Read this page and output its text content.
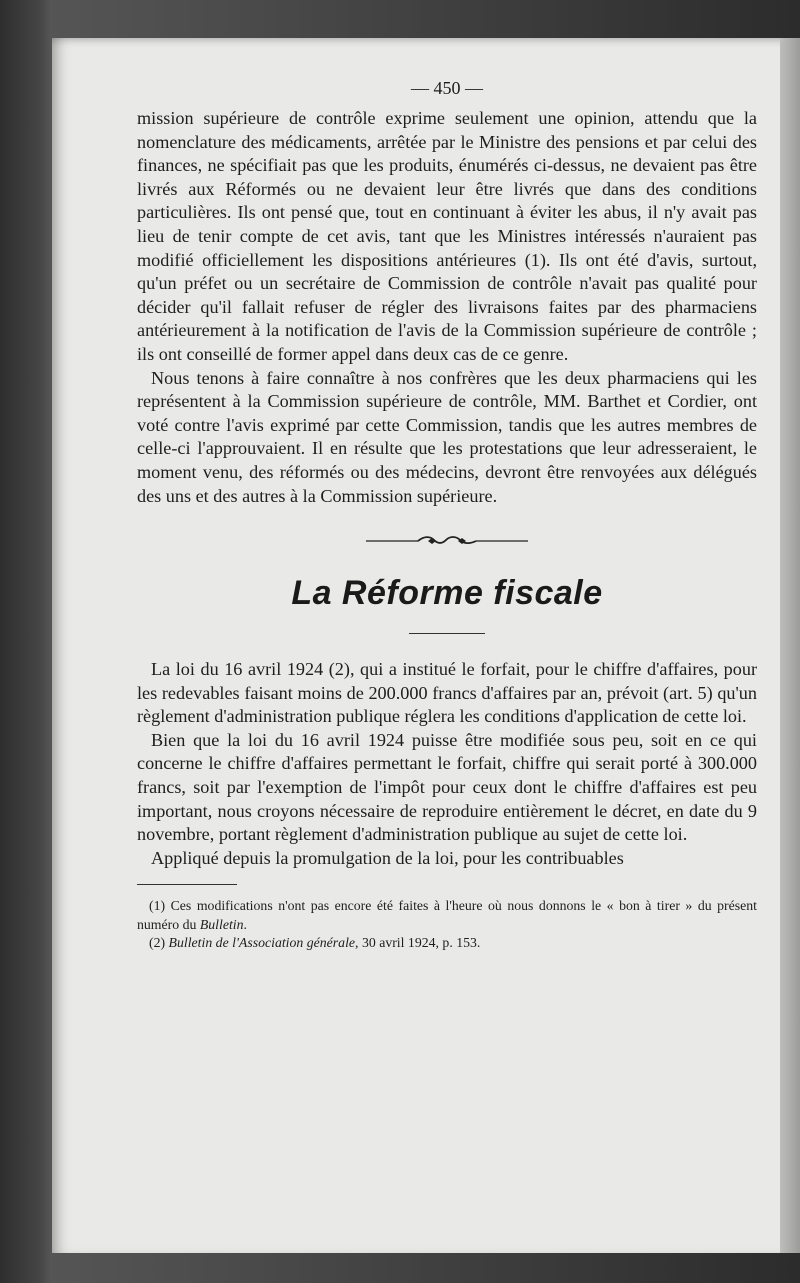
— 450 —

mission supérieure de contrôle exprime seulement une opinion, attendu que la nomenclature des médicaments, arrêtée par le Ministre des pensions et par celui des finances, ne spécifiait pas que les produits, énumérés ci-dessus, ne devaient pas être livrés aux Réformés ou ne devaient leur être livrés que dans des conditions particulières. Ils ont pensé que, tout en continuant à éviter les abus, il n'y avait pas lieu de tenir compte de cet avis, tant que les Ministres intéressés n'auraient pas modifié officiellement les dispositions antérieures (1). Ils ont été d'avis, surtout, qu'un préfet ou un secrétaire de Commission de contrôle n'avait pas qualité pour décider qu'il fallait refuser de régler des livraisons faites par des pharmaciens antérieurement à la notification de l'avis de la Commission supérieure de contrôle ; ils ont conseillé de former appel dans deux cas de ce genre.

Nous tenons à faire connaître à nos confrères que les deux pharmaciens qui les représentent à la Commission supérieure de contrôle, MM. Barthet et Cordier, ont voté contre l'avis exprimé par cette Commission, tandis que les autres membres de celle-ci l'approuvaient. Il en résulte que les protestations que leur adresseraient, le moment venu, des réformés ou des médecins, devront être renvoyées aux délégués des uns et des autres à la Commission supérieure.

La Réforme fiscale

La loi du 16 avril 1924 (2), qui a institué le forfait, pour le chiffre d'affaires, pour les redevables faisant moins de 200.000 francs d'affaires par an, prévoit (art. 5) qu'un règlement d'administration publique réglera les conditions d'application de cette loi.

Bien que la loi du 16 avril 1924 puisse être modifiée sous peu, soit en ce qui concerne le chiffre d'affaires permettant le forfait, chiffre qui serait porté à 300.000 francs, soit par l'exemption de l'impôt pour ceux dont le chiffre d'affaires est peu important, nous croyons nécessaire de reproduire entièrement le décret, en date du 9 novembre, portant règlement d'administration publique au sujet de cette loi.

Appliqué depuis la promulgation de la loi, pour les contribuables

(1) Ces modifications n'ont pas encore été faites à l'heure où nous donnons le « bon à tirer » du présent numéro du Bulletin.

(2) Bulletin de l'Association générale, 30 avril 1924, p. 153.
